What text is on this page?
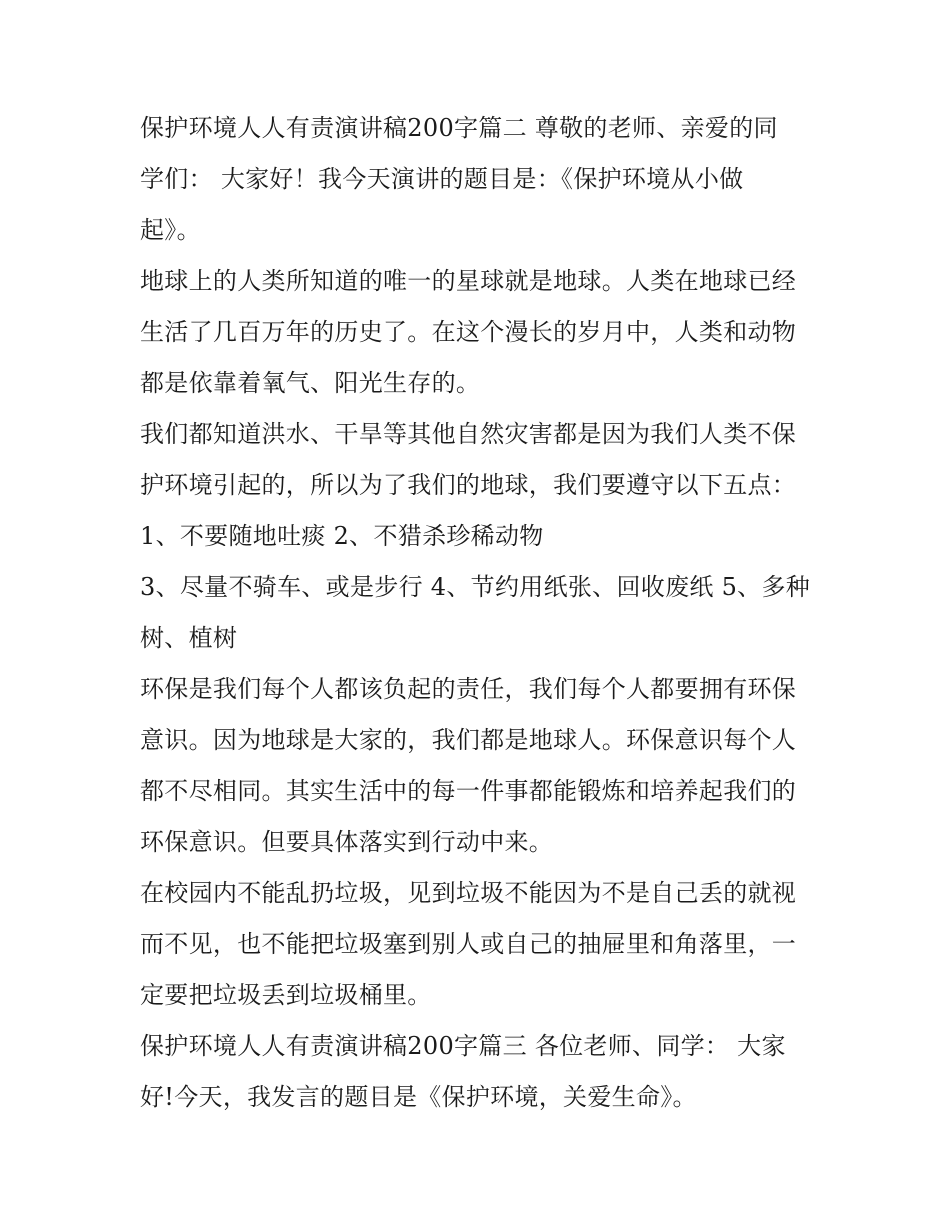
保护环境人人有责演讲稿200字篇二 尊敬的老师、亲爱的同
学们： 大家好！我今天演讲的题目是：《保护环境从小做
起》。

地球上的人类所知道的唯一的星球就是地球。人类在地球已经
生活了几百万年的历史了。在这个漫长的岁月中，人类和动物
都是依靠着氧气、阳光生存的。

我们都知道洪水、干旱等其他自然灾害都是因为我们人类不保
护环境引起的，所以为了我们的地球，我们要遵守以下五点：

1、不要随地吐痰 2、不猎杀珍稀动物

3、尽量不骑车、或是步行 4、节约用纸张、回收废纸 5、多种
树、植树

环保是我们每个人都该负起的责任，我们每个人都要拥有环保
意识。因为地球是大家的，我们都是地球人。环保意识每个人
都不尽相同。其实生活中的每一件事都能锻炼和培养起我们的
环保意识。但要具体落实到行动中来。

在校园内不能乱扔垃圾，见到垃圾不能因为不是自己丢的就视
而不见，也不能把垃圾塞到别人或自己的抽屉里和角落里，一
定要把垃圾丢到垃圾桶里。

保护环境人人有责演讲稿200字篇三 各位老师、同学： 大家
好!今天，我发言的题目是《保护环境，关爱生命》。
